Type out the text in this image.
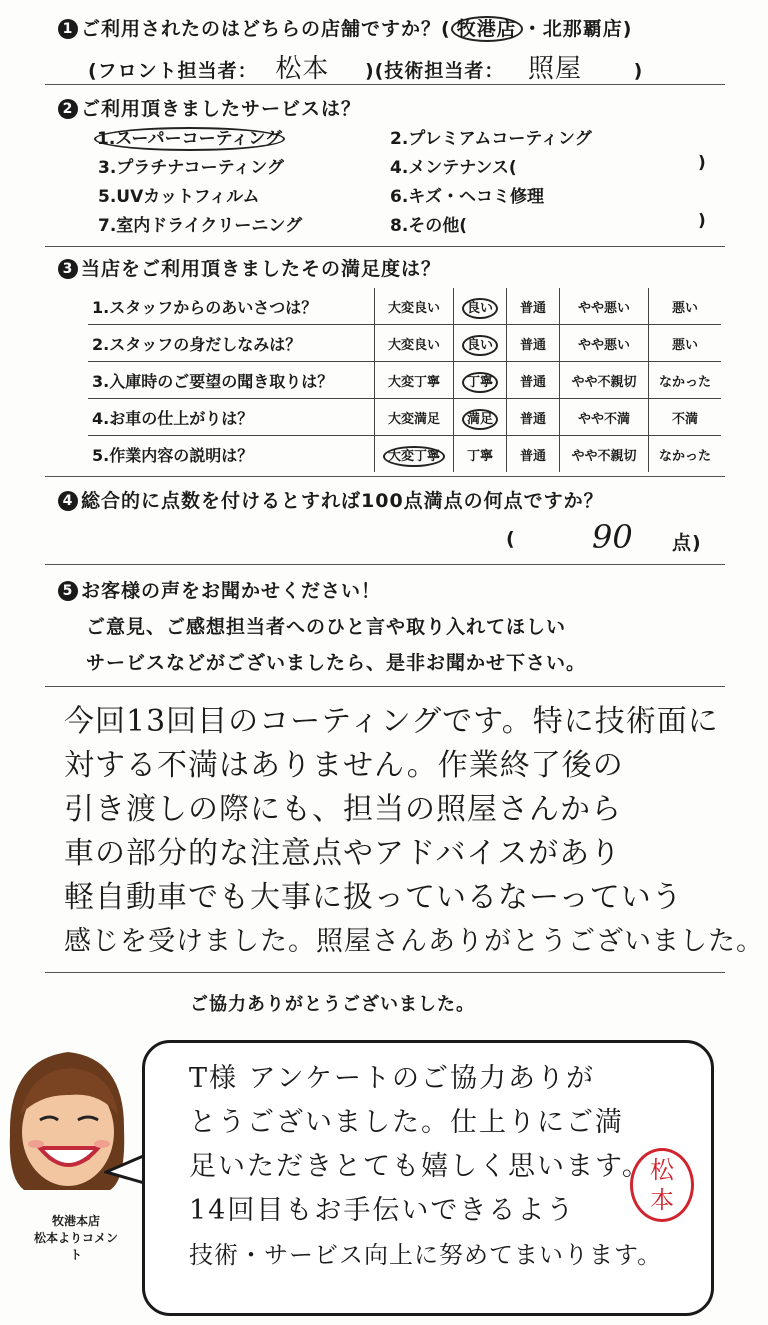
1 ご利用されたのはどちらの店舗ですか？( 牧港店 ・北那覇店)
(フロント担当者： 松本 )(技術担当者： 照屋	)
2 ご利用頂きましたサービスは？
1.スーパーコーティング	2.プレミアムコーティング
3.プラチナコーティング	4.メンテナンス(	)
5.UVカットフィルム	6.キズ・ヘコミ修理
7.室内ドライクリーニング	8.その他(	)
3 当店をご利用頂きましたその満足度は？
1.スタッフからのあいさつは？	大変良い	良い	普通	やや悪い	悪い
2.スタッフの身だしなみは？	大変良い	良い	普通	やや悪い	悪い
3.入庫時のご要望の聞き取りは？	大変丁寧	丁寧	普通	やや不親切	なかった
4.お車の仕上がりは？	大変満足	満足	普通	やや不満	不満
5.作業内容の説明は？	大変丁寧	丁寧	普通	やや不親切	なかった
4 総合的に点数を付けるとすれば100点満点の何点ですか？
( 90 点)
5 お客様の声をお聞かせください！
ご意見、ご感想担当者へのひと言や取り入れてほしい
サービスなどがございましたら、是非お聞かせ下さい。
今回13回目のコーティングです。特に技術面に
対する不満はありません。作業終了後の
引き渡しの際にも、担当の照屋さんから
車の部分的な注意点やアドバイスがあり
軽自動車でも大事に扱っているなーっていう
感じを受けました。照屋さんありがとうございました。
ご協力ありがとうございました。
牧港本店
松本よりコメント
T様 アンケートのご協力ありが
とうございました。仕上りにご満
足いただきとても嬉しく思います。
14回目もお手伝いできるよう
技術・サービス向上に努めてまいります。
松
本
